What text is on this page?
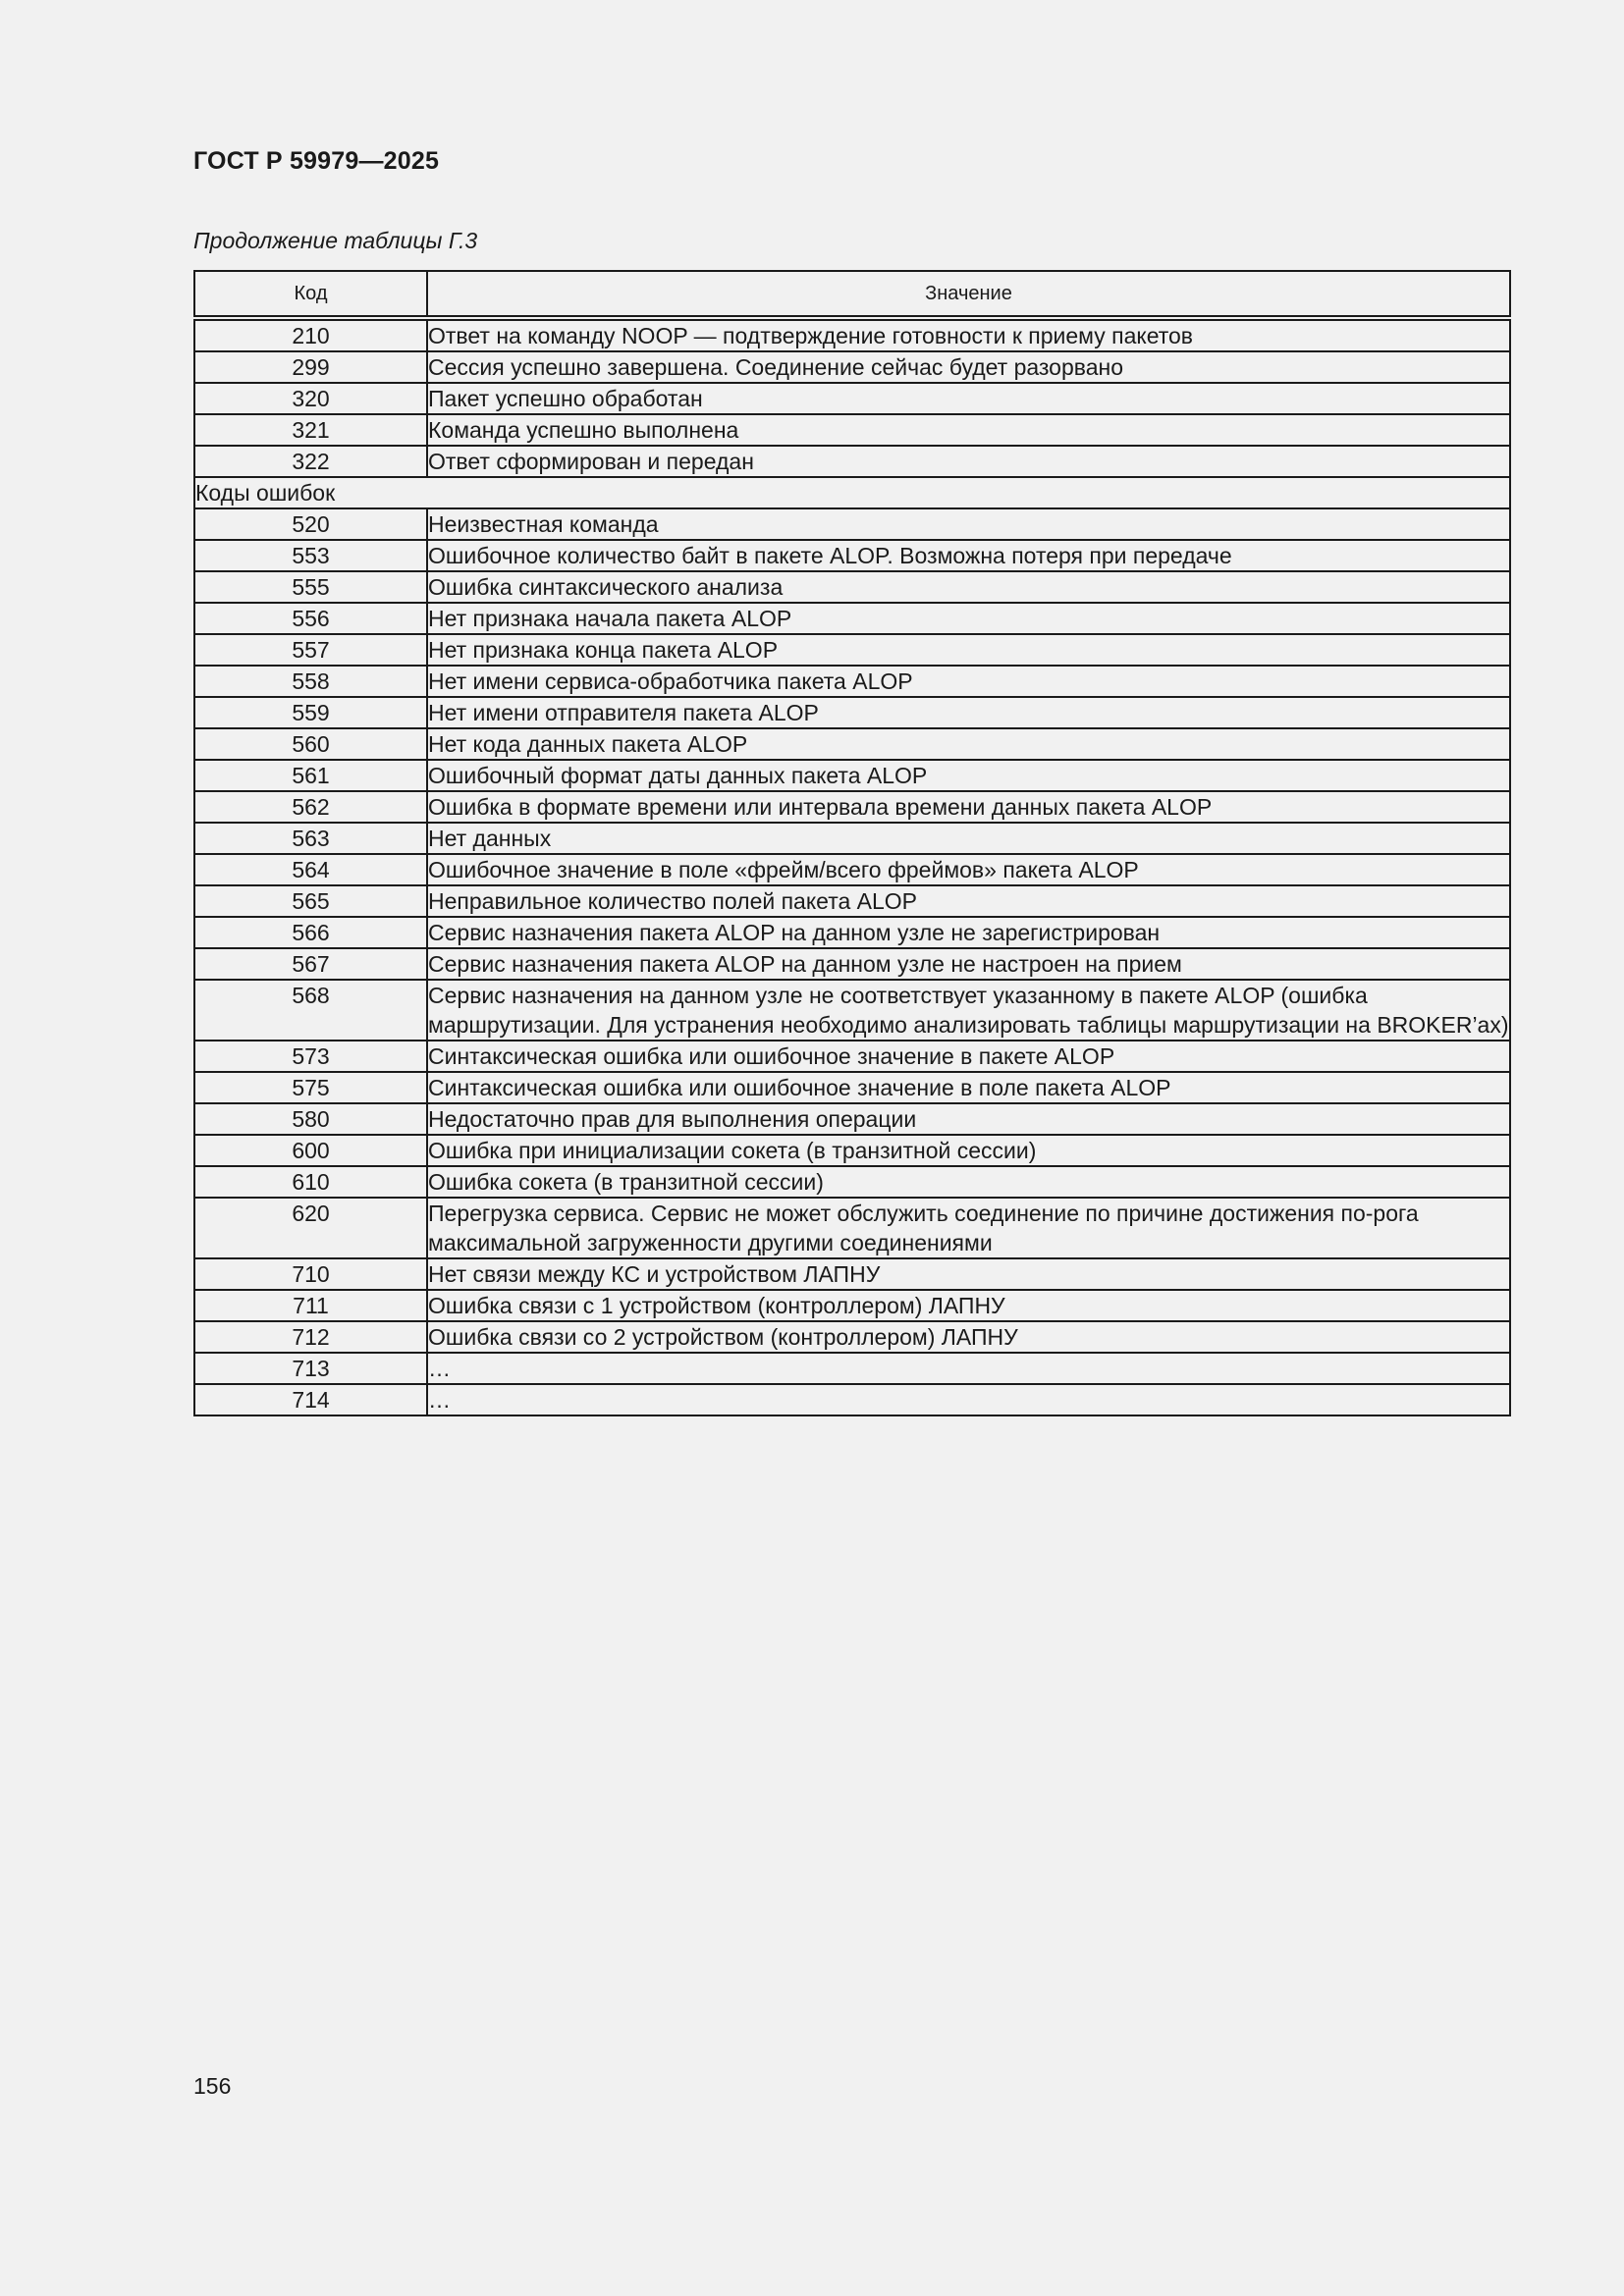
ГОСТ Р 59979—2025
Продолжение таблицы Г.3
Код	Значение
210	Ответ на команду NOOP — подтверждение готовности к приему пакетов
299	Сессия успешно завершена. Соединение сейчас будет разорвано
320	Пакет успешно обработан
321	Команда успешно выполнена
322	Ответ сформирован и передан
Коды ошибок	
520	Неизвестная команда
553	Ошибочное количество байт в пакете ALOP. Возможна потеря при передаче
555	Ошибка синтаксического анализа
556	Нет признака начала пакета ALOP
557	Нет признака конца пакета ALOP
558	Нет имени сервиса-обработчика пакета ALOP
559	Нет имени отправителя пакета ALOP
560	Нет кода данных пакета ALOP
561	Ошибочный формат даты данных пакета ALOP
562	Ошибка в формате времени или интервала времени данных пакета ALOP
563	Нет данных
564	Ошибочное значение в поле «фрейм/всего фреймов» пакета ALOP
565	Неправильное количество полей пакета ALOP
566	Сервис назначения пакета ALOP на данном узле не зарегистрирован
567	Сервис назначения пакета ALOP на данном узле не настроен на прием
568	Сервис назначения на данном узле не соответствует указанному в пакете ALOP (ошибка маршрутизации. Для устранения необходимо анализировать таблицы маршрутизации на BROKER’ах)
573	Синтаксическая ошибка или ошибочное значение в пакете ALOP
575	Синтаксическая ошибка или ошибочное значение в поле пакета ALOP
580	Недостаточно прав для выполнения операции
600	Ошибка при инициализации сокета (в транзитной сессии)
610	Ошибка сокета (в транзитной сессии)
620	Перегрузка сервиса. Сервис не может обслужить соединение по причине достижения по-рога максимальной загруженности другими соединениями
710	Нет связи между КС и устройством ЛАПНУ
711	Ошибка связи с 1 устройством (контроллером) ЛАПНУ
712	Ошибка связи со 2 устройством (контроллером) ЛАПНУ
713	…
714	…
156
